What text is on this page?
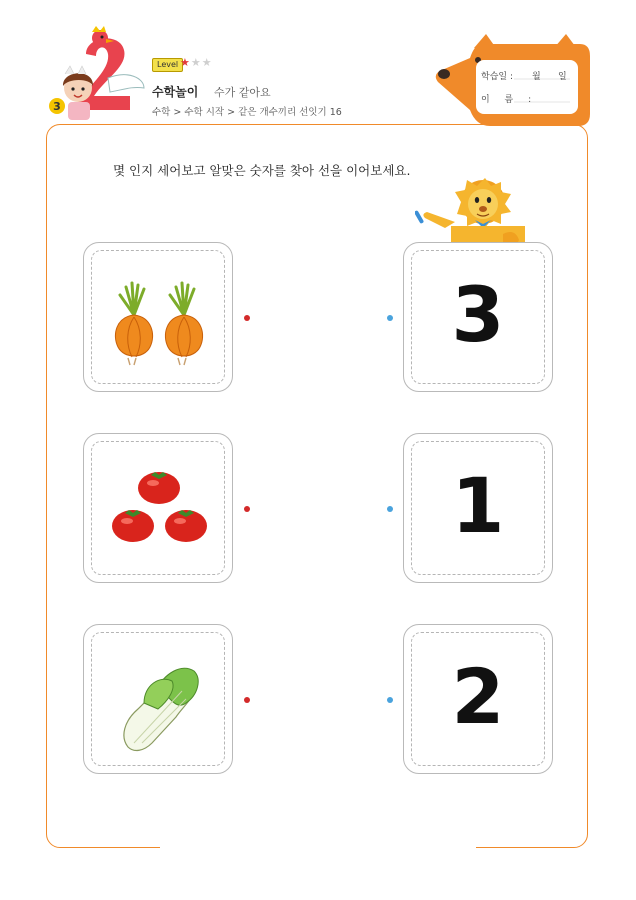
3
Level ★★★
수학놀이 수가 같아요
수학 > 수학 시작 > 같은 개수끼리 선잇기 16
학습일 : 월 일
이 름 :
몇 인지 세어보고 알맞은 숫자를 찾아 선을 이어보세요.
3
1
2
